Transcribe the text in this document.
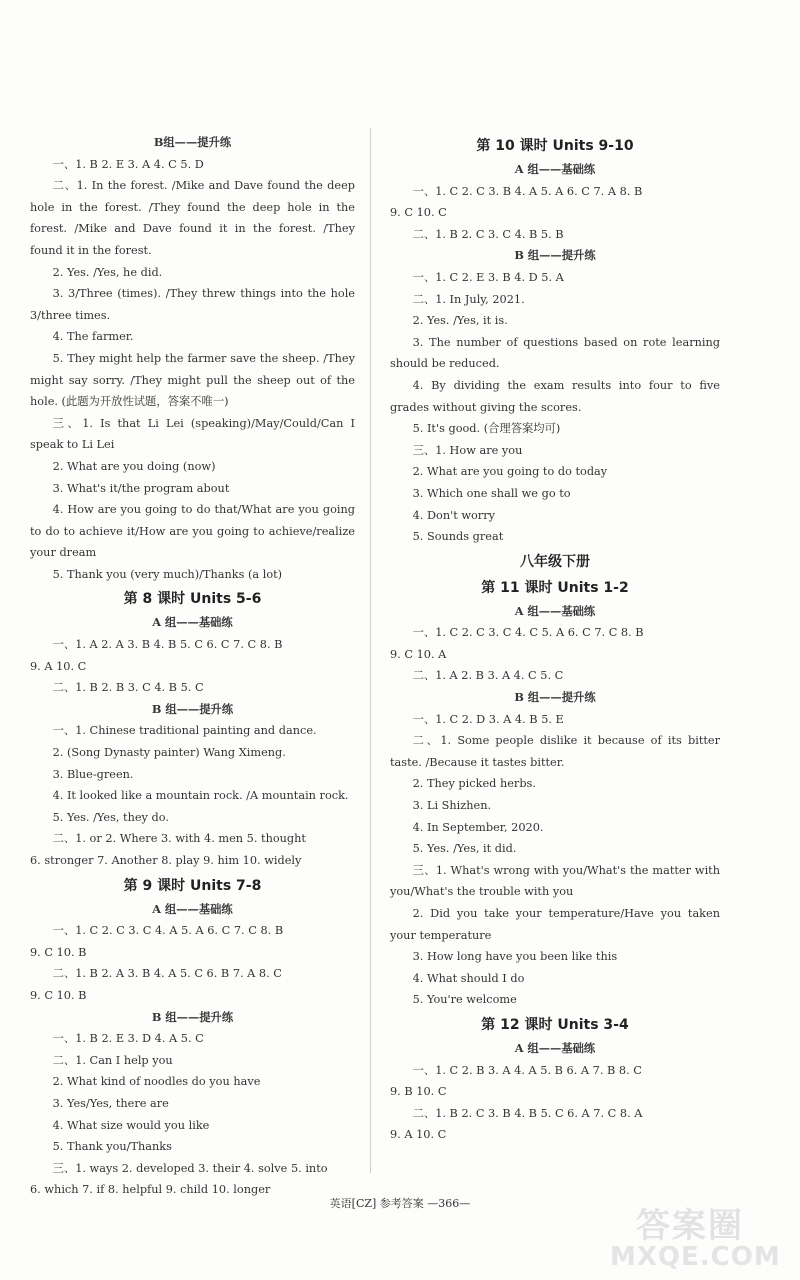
B组——提升练
一、1. B 2. E 3. A 4. C 5. D
二、1. In the forest. /Mike and Dave found the deep hole in the forest. /They found the deep hole in the forest. /Mike and Dave found it in the forest. /They found it in the forest.
2. Yes. /Yes, he did.
3. 3/Three (times). /They threw things into the hole 3/three times.
4. The farmer.
5. They might help the farmer save the sheep. /They might say sorry. /They might pull the sheep out of the hole. (此题为开放性试题，答案不唯一)
三、1. Is that Li Lei (speaking)/May/Could/Can I speak to Li Lei
2. What are you doing (now)
3. What's it/the program about
4. How are you going to do that/What are you going to do to achieve it/How are you going to achieve/realize your dream
5. Thank you (very much)/Thanks (a lot)
第 8 课时 Units 5-6
A 组——基础练
一、1. A 2. A 3. B 4. B 5. C 6. C 7. C 8. B
9. A 10. C
二、1. B 2. B 3. C 4. B 5. C
B 组——提升练
一、1. Chinese traditional painting and dance.
2. (Song Dynasty painter) Wang Ximeng.
3. Blue-green.
4. It looked like a mountain rock. /A mountain rock.
5. Yes. /Yes, they do.
二、1. or 2. Where 3. with 4. men 5. thought
6. stronger 7. Another 8. play 9. him 10. widely
第 9 课时 Units 7-8
A 组——基础练
一、1. C 2. C 3. C 4. A 5. A 6. C 7. C 8. B
9. C 10. B
二、1. B 2. A 3. B 4. A 5. C 6. B 7. A 8. C
9. C 10. B
B 组——提升练
一、1. B 2. E 3. D 4. A 5. C
二、1. Can I help you
2. What kind of noodles do you have
3. Yes/Yes, there are
4. What size would you like
5. Thank you/Thanks
三、1. ways 2. developed 3. their 4. solve 5. into
6. which 7. if 8. helpful 9. child 10. longer
第 10 课时 Units 9-10
A 组——基础练
一、1. C 2. C 3. B 4. A 5. A 6. C 7. A 8. B
9. C 10. C
二、1. B 2. C 3. C 4. B 5. B
B 组——提升练
一、1. C 2. E 3. B 4. D 5. A
二、1. In July, 2021.
2. Yes. /Yes, it is.
3. The number of questions based on rote learning should be reduced.
4. By dividing the exam results into four to five grades without giving the scores.
5. It's good. (合理答案均可)
三、1. How are you
2. What are you going to do today
3. Which one shall we go to
4. Don't worry
5. Sounds great
八年级下册
第 11 课时 Units 1-2
A 组——基础练
一、1. C 2. C 3. C 4. C 5. A 6. C 7. C 8. B
9. C 10. A
二、1. A 2. B 3. A 4. C 5. C
B 组——提升练
一、1. C 2. D 3. A 4. B 5. E
二、1. Some people dislike it because of its bitter taste. /Because it tastes bitter.
2. They picked herbs.
3. Li Shizhen.
4. In September, 2020.
5. Yes. /Yes, it did.
三、1. What's wrong with you/What's the matter with you/What's the trouble with you
2. Did you take your temperature/Have you taken your temperature
3. How long have you been like this
4. What should I do
5. You're welcome
第 12 课时 Units 3-4
A 组——基础练
一、1. C 2. B 3. A 4. A 5. B 6. A 7. B 8. C
9. B 10. C
二、1. B 2. C 3. B 4. B 5. C 6. A 7. C 8. A
9. A 10. C
英语[CZ] 参考答案 —366—
答案圈
MXQE.COM
